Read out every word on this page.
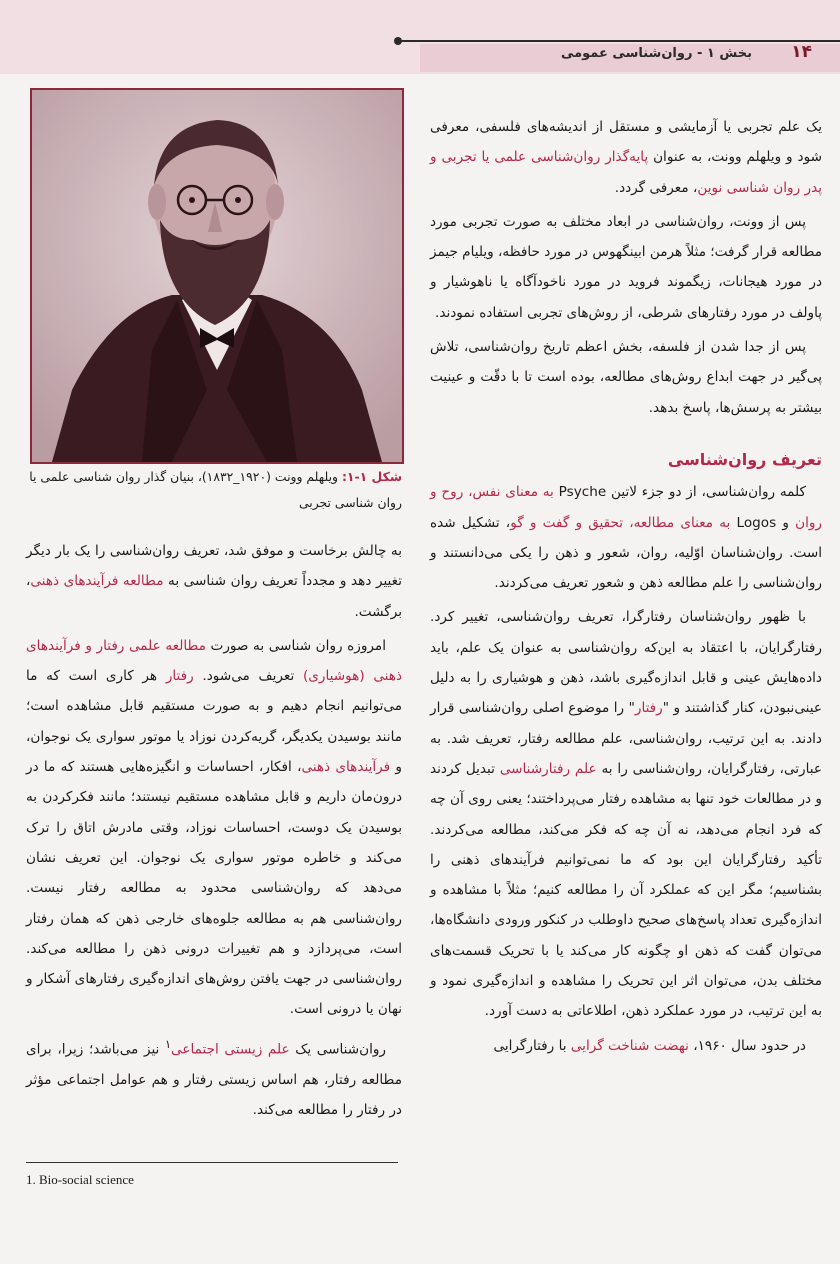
۱۴
بخش ۱ - روان‌شناسی عمومی
شکل ۱-۱: ویلهلم وونت (۱۹۲۰_۱۸۳۲)، بنیان گذار روان شناسی علمی یا روان شناسی تجربی

یک علم تجربی یا آزمایشی و مستقل از اندیشه‌های فلسفی، معرفی شود و ویلهلم وونت، به عنوان پایه‌گذار روان‌شناسی علمی یا تجربی و پدر روان شناسی نوین، معرفی گردد.

پس از وونت، روان‌شناسی در ابعاد مختلف به صورت تجربی مورد مطالعه قرار گرفت؛ مثلاً هرمن ابینگهوس در مورد حافظه، ویلیام جیمز در مورد هیجانات، زیگموند فروید در مورد ناخودآگاه یا ناهوشیار و پاولف در مورد رفتارهای شرطی، از روش‌های تجربی استفاده نمودند.

پس از جدا شدن از فلسفه، بخش اعظم تاریخ روان‌شناسی، تلاش پی‌گیر در جهت ابداع روش‌های مطالعه، بوده است تا با دقّت و عینیت بیشتر به پرسش‌ها، پاسخ بدهد.

تعریف روان‌شناسی

کلمه روان‌شناسی، از دو جزء لاتین Psyche به معنای نفس، روح و روان و Logos به معنای مطالعه، تحقیق و گفت و گو، تشکیل شده است. روان‌شناسان اوّلیه، روان، شعور و ذهن را یکی می‌دانستند و روان‌شناسی را علم مطالعه ذهن و شعور تعریف می‌کردند.

با ظهور روان‌شناسان رفتارگرا، تعریف روان‌شناسی، تغییر کرد. رفتارگرایان، با اعتقاد به این‌که روان‌شناسی به عنوان یک علم، باید داده‌هایش عینی و قابل اندازه‌گیری باشد، ذهن و هوشیاری را به دلیل عینی‌نبودن، کنار گذاشتند و "رفتار" را موضوع اصلی روان‌شناسی قرار دادند. به این ترتیب، روان‌شناسی، علم مطالعه رفتار، تعریف شد. به عبارتی، رفتارگرایان، روان‌شناسی را به علم رفتارشناسی تبدیل کردند و در مطالعات خود تنها به مشاهده رفتار می‌پرداختند؛ یعنی روی آن چه که فرد انجام می‌دهد، نه آن چه که فکر می‌کند، مطالعه می‌کردند. تأکید رفتارگرایان این بود که ما نمی‌توانیم فرآیندهای ذهنی را بشناسیم؛ مگر این که عملکرد آن را مطالعه کنیم؛ مثلاً با مشاهده و اندازه‌گیری تعداد پاسخ‌های صحیح داوطلب در کنکور ورودی دانشگاه‌ها، می‌توان گفت که ذهن او چگونه کار می‌کند یا با تحریک قسمت‌های مختلف بدن، می‌توان اثر این تحریک را مشاهده و اندازه‌گیری نمود و به این ترتیب، در مورد عملکرد ذهن، اطلاعاتی به دست آورد.

در حدود سال ۱۹۶۰، نهضت شناخت گرایی با رفتارگرایی

به چالش برخاست و موفق شد، تعریف روان‌شناسی را یک بار دیگر تغییر دهد و مجدداً تعریف روان شناسی به مطالعه فرآیندهای ذهنی، برگشت.

امروزه روان شناسی به صورت مطالعه علمی رفتار و فرآیندهای ذهنی (هوشیاری) تعریف می‌شود. رفتار هر کاری است که ما می‌توانیم انجام دهیم و به صورت مستقیم قابل مشاهده است؛ مانند بوسیدن یکدیگر، گریه‌کردن نوزاد یا موتور سواری یک نوجوان، و فرآیندهای ذهنی، افکار، احساسات و انگیزه‌هایی هستند که ما در درون‌مان داریم و قابل مشاهده مستقیم نیستند؛ مانند فکرکردن به بوسیدن یک دوست، احساسات نوزاد، وقتی مادرش اتاق را ترک می‌کند و خاطره موتور سواری یک نوجوان. این تعریف نشان می‌دهد که روان‌شناسی محدود به مطالعه رفتار نیست. روان‌شناسی هم به مطالعه جلوه‌های خارجی ذهن که همان رفتار است، می‌پردازد و هم تغییرات درونی ذهن را مطالعه می‌کند. روان‌شناسی در جهت یافتن روش‌های اندازه‌گیری رفتارهای آشکار و نهان یا درونی است.

روان‌شناسی یک علم زیستی اجتماعی$^۱$ نیز می‌باشد؛ زیرا، برای مطالعه رفتار، هم اساس زیستی رفتار و هم عوامل اجتماعی مؤثر در رفتار را مطالعه می‌کند.

1. Bio-social science
